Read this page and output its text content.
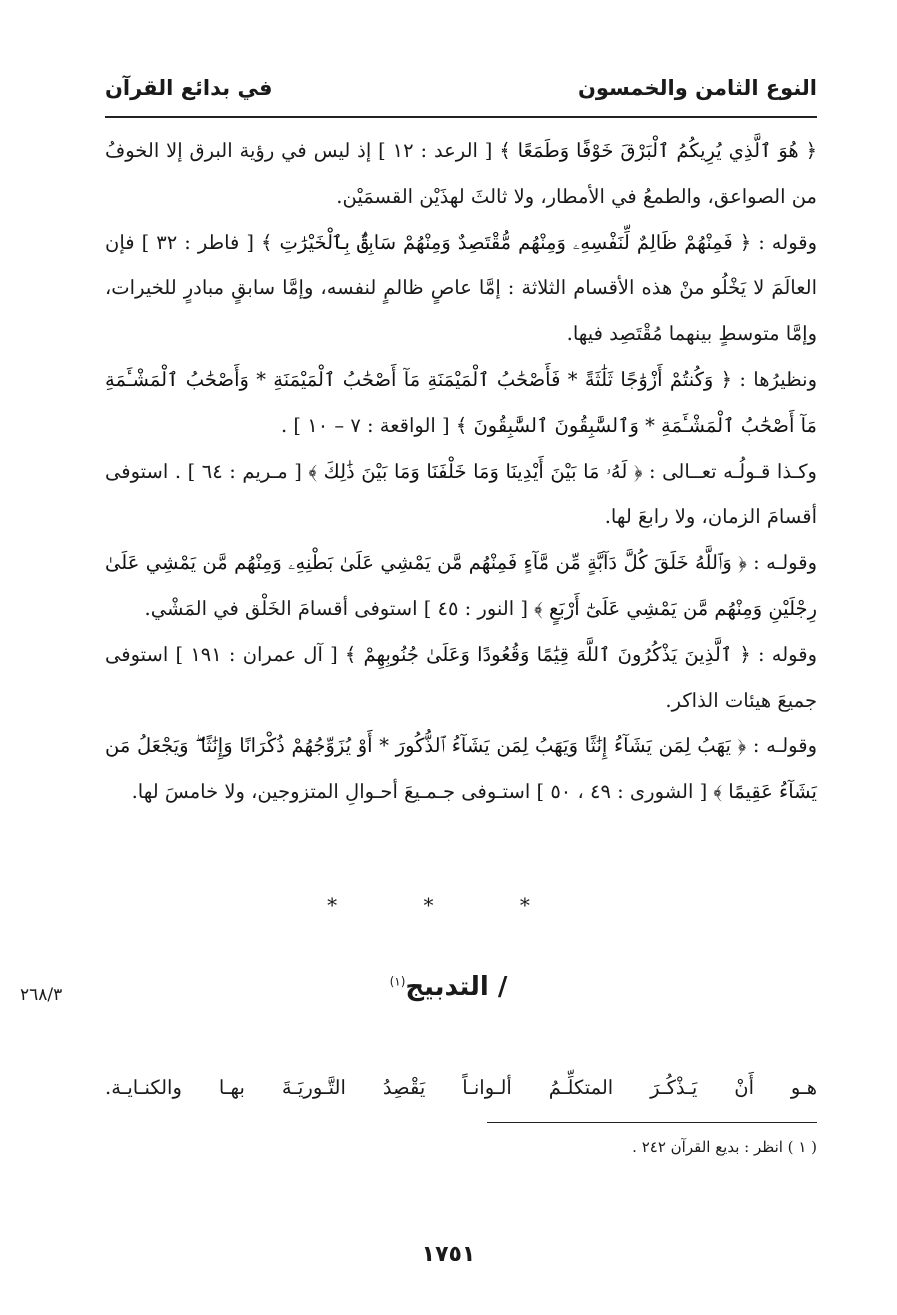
النوع الثامن والخمسون
في بدائع القرآن

﴿ هُوَ ٱلَّذِي يُرِيكُمُ ٱلْبَرْقَ خَوْفًا وَطَمَعًا ﴾ [ الرعد : ١٢ ] إذ ليس في رؤية البرق إلا الخوفُ من الصواعق، والطمعُ في الأمطار، ولا ثالثَ لهذَيْن القسمَيْن.

وقوله : ﴿ فَمِنْهُمْ ظَالِمٌ لِّنَفْسِهِۦ وَمِنْهُم مُّقْتَصِدٌ وَمِنْهُمْ سَابِقٌۢ بِٱلْخَيْرَٰتِ ﴾ [ فاطر : ٣٢ ] فإن العالَمَ لا يَخْلُو منْ هذه الأقسام الثلاثة : إمَّا عاصٍ ظالمٍ لنفسه، وإمَّا سابقٍ مبادرٍ للخيرات، وإمَّا متوسطٍ بينهما مُقْتَصِد فيها.

ونظيرُها : ﴿ وَكُنتُمْ أَزْوَٰجًا ثَلَٰثَةً * فَأَصْحَٰبُ ٱلْمَيْمَنَةِ مَآ أَصْحَٰبُ ٱلْمَيْمَنَةِ * وَأَصْحَٰبُ ٱلْمَشْـَٔمَةِ مَآ أَصْحَٰبُ ٱلْمَشْـَٔمَةِ * وَٱلسَّٰبِقُونَ ٱلسَّٰبِقُونَ ﴾ [ الواقعة : ٧ – ١٠ ] .

وكـذا قـولُـه تعــالى : ﴿ لَهُۥ مَا بَيْنَ أَيْدِينَا وَمَا خَلْفَنَا وَمَا بَيْنَ ذَٰلِكَ ﴾ [ مـريم : ٦٤ ] . استوفى أقسامَ الزمان، ولا رابعَ لها.

وقولـه : ﴿ وَٱللَّهُ خَلَقَ كُلَّ دَآبَّةٍ مِّن مَّآءٍ فَمِنْهُم مَّن يَمْشِي عَلَىٰ بَطْنِهِۦ وَمِنْهُم مَّن يَمْشِي عَلَىٰ رِجْلَيْنِ وَمِنْهُم مَّن يَمْشِي عَلَىٰٓ أَرْبَعٍ ﴾ [ النور : ٤٥ ] استوفى أقسامَ الخَلْق في المَشْي.

وقوله : ﴿ ٱلَّذِينَ يَذْكُرُونَ ٱللَّهَ قِيَٰمًا وَقُعُودًا وَعَلَىٰ جُنُوبِهِمْ ﴾ [ آل عمران : ١٩١ ] استوفى جميعَ هيئات الذاكر.

وقولـه : ﴿ يَهَبُ لِمَن يَشَآءُ إِنَٰثًا وَيَهَبُ لِمَن يَشَآءُ ٱلذُّكُورَ * أَوْ يُزَوِّجُهُمْ ذُكْرَانًا وَإِنَٰثًا ۖ وَيَجْعَلُ مَن يَشَآءُ عَقِيمًا ﴾ [ الشورى : ٤٩ ، ٥٠ ] استـوفى جـمـيعَ أحـوالِ المتزوجين، ولا خامسَ لها.

* * *
٢٦٨/٣	/ التدبيج$^{(١)}$
هـو أَنْ يَـذْكُـرَ المتكلِّـمُ ألـوانـاً يَقْصِدُ التَّـوريَـةَ بهـا والكنـايـة.
( ١ ) انظر : بديع القرآن ٢٤٢ .
١٧٥١
